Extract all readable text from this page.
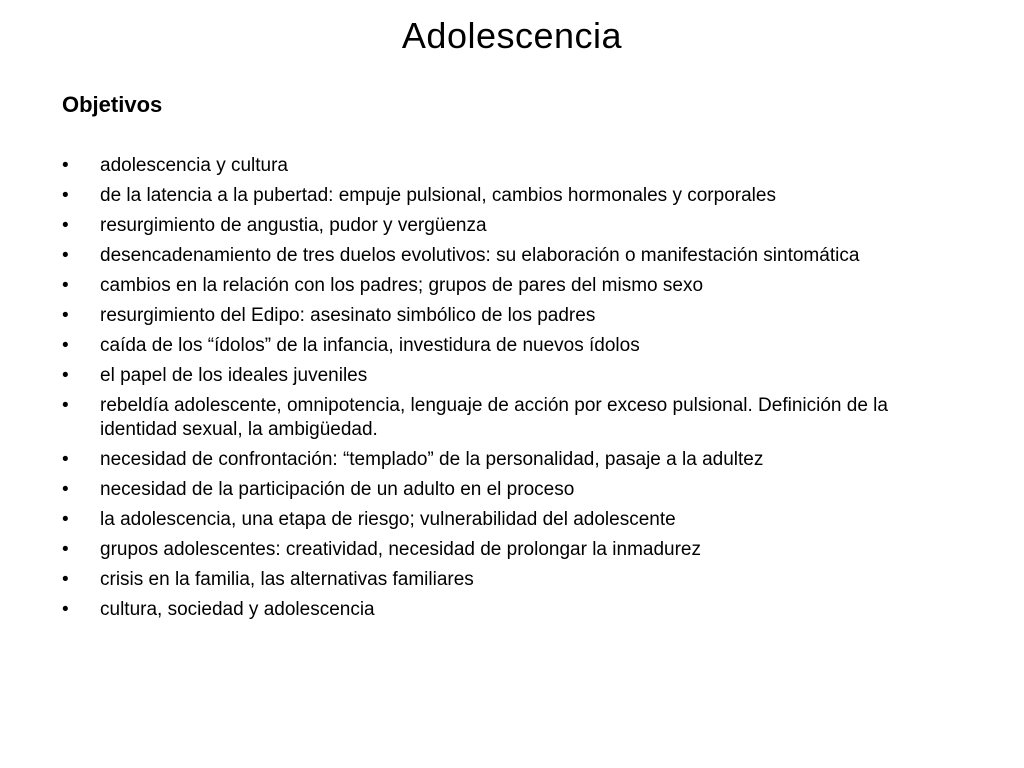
Adolescencia
Objetivos
•	adolescencia y cultura
•	de la latencia a la pubertad: empuje pulsional, cambios hormonales y corporales
•	resurgimiento de angustia, pudor y vergüenza
•	desencadenamiento de tres duelos evolutivos: su elaboración o manifestación sintomática
•	cambios en la relación con los padres; grupos de pares del mismo sexo
•	resurgimiento del Edipo: asesinato simbólico de los padres
•	caída de los “ídolos” de la infancia, investidura de nuevos ídolos
•	el papel de los ideales juveniles
•	rebeldía adolescente, omnipotencia, lenguaje de acción por exceso pulsional. Definición de la identidad sexual, la ambigüedad.
•	necesidad de confrontación: “templado” de la personalidad, pasaje a la adultez
•	necesidad de la participación de un adulto en el proceso
•	la adolescencia, una etapa de riesgo; vulnerabilidad del adolescente
•	grupos adolescentes: creatividad, necesidad de prolongar la inmadurez
•	crisis en la familia, las alternativas familiares
•	cultura, sociedad y adolescencia
